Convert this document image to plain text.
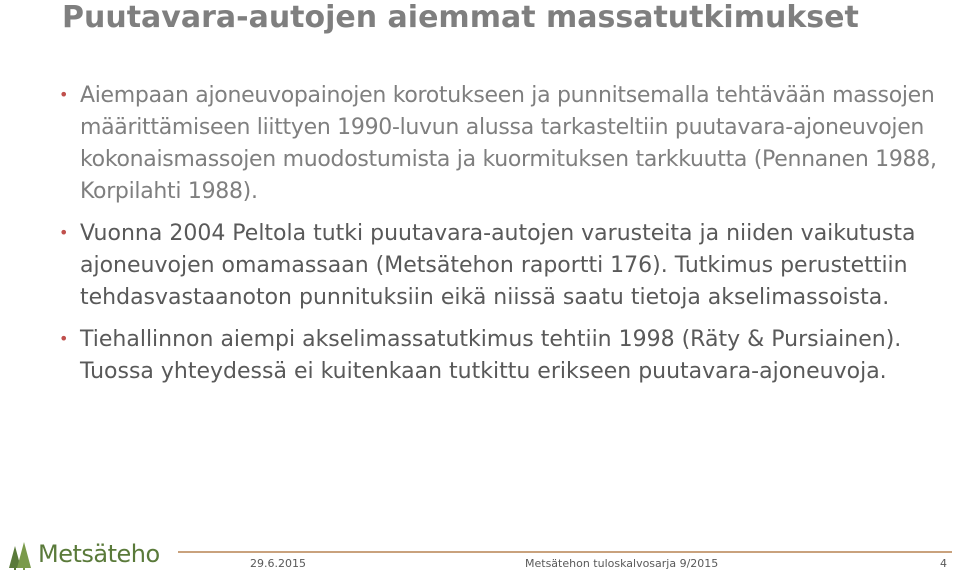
Puutavara-autojen aiemmat massatutkimukset
• Aiempaan ajoneuvopainojen korotukseen ja punnitsemalla tehtävään massojen määrittämiseen liittyen 1990-luvun alussa tarkasteltiin puutavara-ajoneuvojen kokonaismassojen muodostumista ja kuormituksen tarkkuutta (Pennanen 1988, Korpilahti 1988).
• Vuonna 2004 Peltola tutki puutavara-autojen varusteita ja niiden vaikutusta ajoneuvojen omamassaan (Metsätehon raportti 176). Tutkimus perustettiin tehdasvastaanoton punnituksiin eikä niissä saatu tietoja akselimassoista.
• Tiehallinnon aiempi akselimassatutkimus tehtiin 1998 (Räty & Pursiainen). Tuossa yhteydessä ei kuitenkaan tutkittu erikseen puutavara-ajoneuvoja.
Metsäteho	29.6.2015	Metsätehon tuloskalvosarja 9/2015	4
